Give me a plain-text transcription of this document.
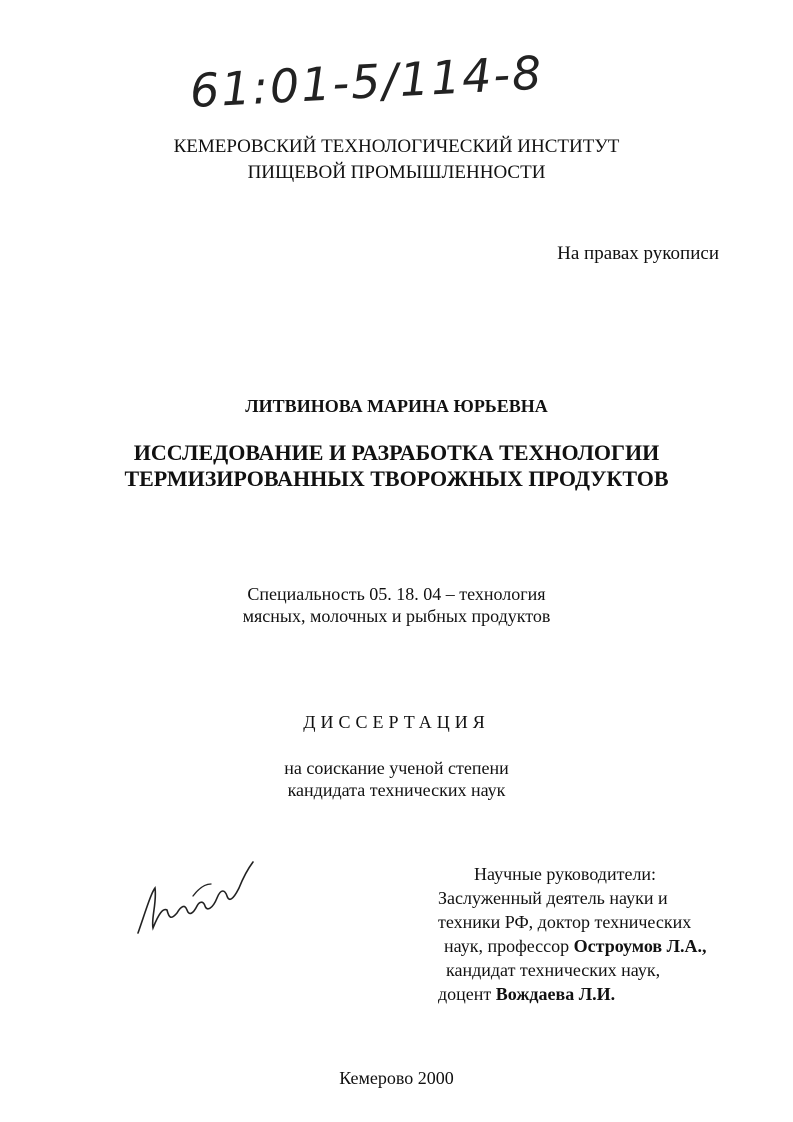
61:01-5/114-8
КЕМЕРОВСКИЙ ТЕХНОЛОГИЧЕСКИЙ ИНСТИТУТ
ПИЩЕВОЙ ПРОМЫШЛЕННОСТИ
На правах рукописи
ЛИТВИНОВА МАРИНА ЮРЬЕВНА
ИССЛЕДОВАНИЕ И РАЗРАБОТКА ТЕХНОЛОГИИ
ТЕРМИЗИРОВАННЫХ ТВОРОЖНЫХ ПРОДУКТОВ
Специальность 05. 18. 04 – технология
мясных, молочных и рыбных продуктов
ДИССЕРТАЦИЯ
на соискание ученой степени
кандидата технических наук
Научные руководители:
Заслуженный деятель науки и
техники РФ, доктор технических
наук, профессор Остроумов Л.А.,
кандидат технических наук,
доцент Вождаева Л.И.
Кемерово 2000
